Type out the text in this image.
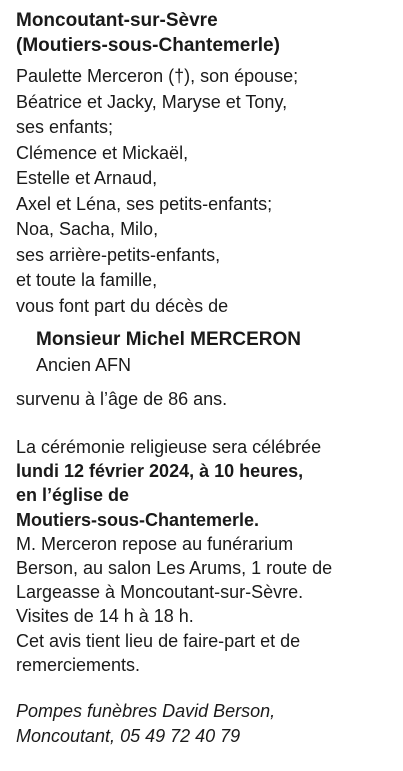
Moncoutant-sur-Sèvre
(Moutiers-sous-Chantemerle)
Paulette Merceron (†), son épouse;
Béatrice et Jacky, Maryse et Tony,
ses enfants;
Clémence et Mickaël,
Estelle et Arnaud,
Axel et Léna, ses petits-enfants;
Noa, Sacha, Milo,
ses arrière-petits-enfants,
et toute la famille,
vous font part du décès de
Monsieur Michel MERCERON
Ancien AFN
survenu à l’âge de 86 ans.
La cérémonie religieuse sera célébrée
lundi 12 février 2024, à 10 heures,
en l’église de
Moutiers-sous-Chantemerle.
M. Merceron repose au funérarium
Berson, au salon Les Arums, 1 route de
Largeasse à Moncoutant-sur-Sèvre.
Visites de 14 h à 18 h.
Cet avis tient lieu de faire-part et de
remerciements.
Pompes funèbres David Berson,
Moncoutant, 05 49 72 40 79
